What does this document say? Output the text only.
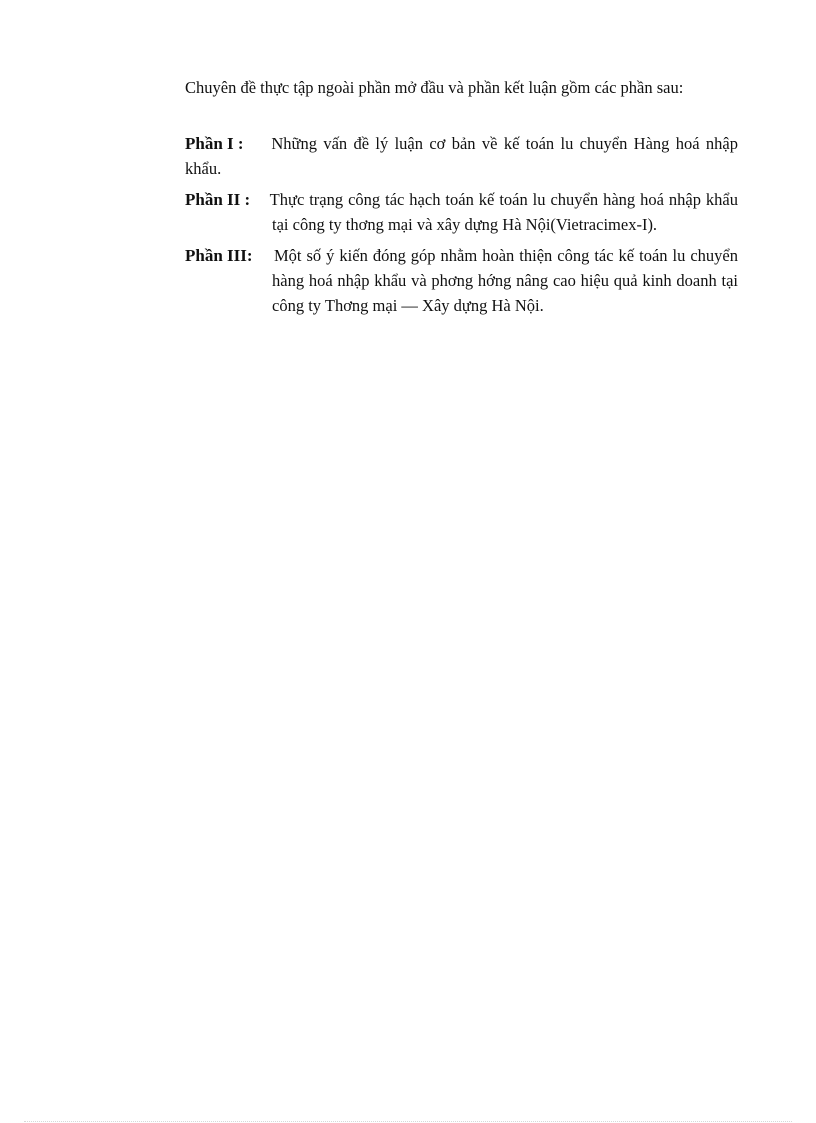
Chuyên đề thực tập ngoài phần mở đầu và phần kết luận gồm các phần sau:

Phần I : Những vấn đề lý luận cơ bản về kế toán lu chuyển Hàng hoá nhập khẩu.
Phần II : Thực trạng công tác hạch toán kế toán lu chuyển hàng hoá nhập khẩu tại công ty thơng mại và xây dựng Hà Nội(Vietracimex-I).
Phần III: Một số ý kiến đóng góp nhằm hoàn thiện công tác kế toán lu chuyển hàng hoá nhập khẩu và phơng hớng nâng cao hiệu quả kinh doanh tại công ty Thơng mại — Xây dựng Hà Nội.
